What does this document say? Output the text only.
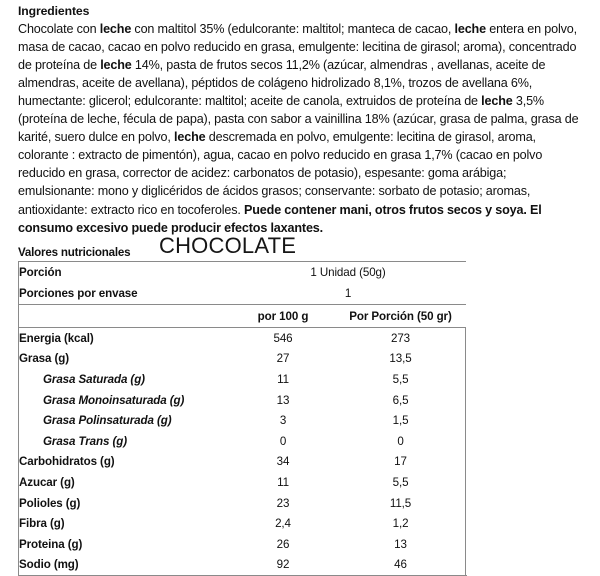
Ingredientes
Chocolate con leche con maltitol 35% (edulcorante: maltitol; manteca de cacao, leche entera en polvo, masa de cacao, cacao en polvo reducido en grasa, emulgente: lecitina de girasol; aroma), concentrado de proteína de leche 14%, pasta de frutos secos 11,2% (azúcar, almendras , avellanas, aceite de almendras, aceite de avellana), péptidos de colágeno hidrolizado 8,1%, trozos de avellana 6%, humectante: glicerol; edulcorante: maltitol; aceite de canola, extruidos de proteína de leche 3,5% (proteína de leche, fécula de papa), pasta con sabor a vainillina 18% (azúcar, grasa de palma, grasa de karité, suero dulce en polvo, leche descremada en polvo, emulgente: lecitina de girasol, aroma, colorante : extracto de pimentón), agua, cacao en polvo reducido en grasa 1,7% (cacao en polvo reducido en grasa, corrector de acidez: carbonatos de potasio), espesante: goma arábiga; emulsionante: mono y diglicéridos de ácidos grasos; conservante: sorbato de potasio; aromas, antioxidante: extracto rico en tocoferoles. Puede contener mani, otros frutos secos y soya. El consumo excesivo puede producir efectos laxantes.
Valores nutricionales CHOCOLATE
Porción	1 Unidad (50g)		
Porciones por envase	1		
	por 100 g	Por Porción (50 gr)	

Energia (kcal)	546	273	
Grasa (g)	27	13,5	
Grasa Saturada (g)	11	5,5	
Grasa Monoinsaturada (g)	13	6,5	
Grasa Polinsaturada (g)	3	1,5	
Grasa Trans (g)	0	0	
Carbohidratos (g)	34	17	
Azucar (g)	11	5,5	
Polioles (g)	23	11,5	
Fibra (g)	2,4	1,2	
Proteina (g)	26	13	
Sodio (mg)	92	46	
